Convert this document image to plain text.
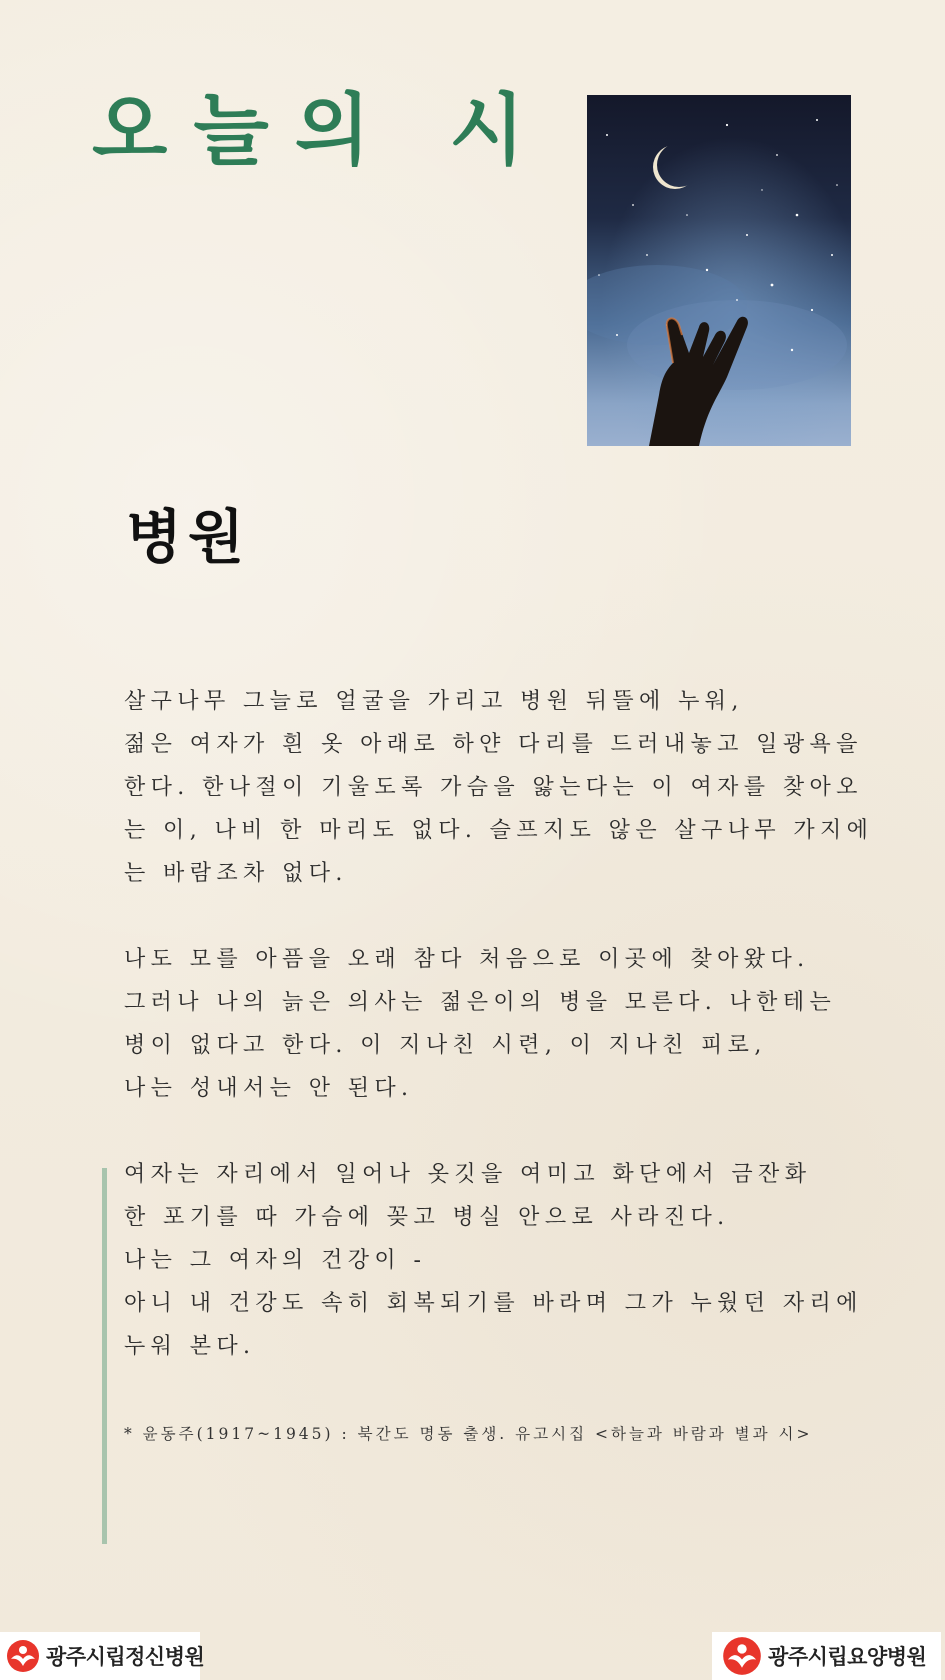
오늘의 시
병원

살구나무 그늘로 얼굴을 가리고 병원 뒤뜰에 누워,
젊은 여자가 흰 옷 아래로 하얀 다리를 드러내놓고 일광욕을
한다. 한나절이 기울도록 가슴을 앓는다는 이 여자를 찾아오
는 이, 나비 한 마리도 없다. 슬프지도 않은 살구나무 가지에
는 바람조차 없다.

나도 모를 아픔을 오래 참다 처음으로 이곳에 찾아왔다.
그러나 나의 늙은 의사는 젊은이의 병을 모른다. 나한테는
병이 없다고 한다. 이 지나친 시련, 이 지나친 피로,
나는 성내서는 안 된다.

여자는 자리에서 일어나 옷깃을 여미고 화단에서 금잔화
한 포기를 따 가슴에 꽂고 병실 안으로 사라진다.
나는 그 여자의 건강이 -
아니 내 건강도 속히 회복되기를 바라며 그가 누웠던 자리에
누워 본다.

* 윤동주(1917~1945) : 북간도 명동 출생. 유고시집 <하늘과 바람과 별과 시>

광주시립정신병원	광주시립요양병원
